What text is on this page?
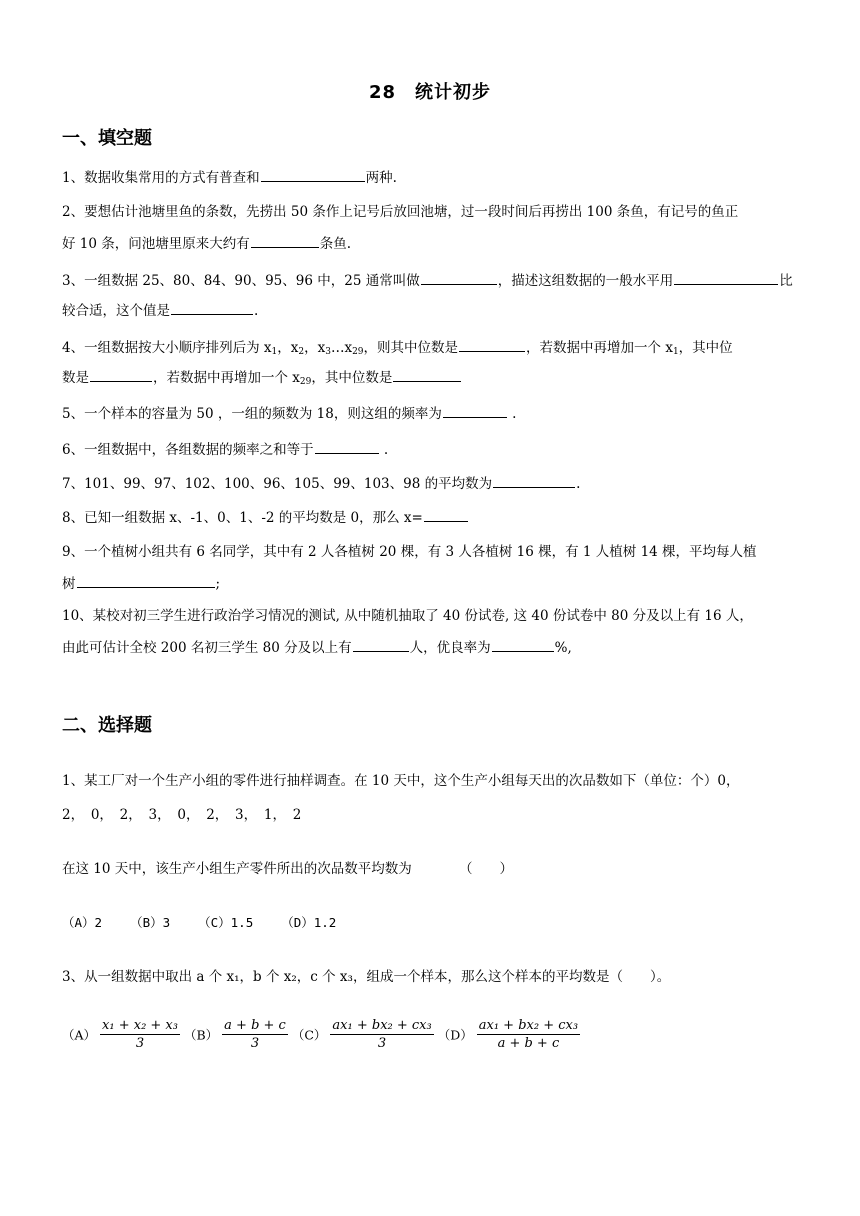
28　统计初步
一、填空题
1、数据收集常用的方式有普查和	两种.
2、要想估计池塘里鱼的条数，先捞出 50 条作上记号后放回池塘，过一段时间后再捞出 100 条鱼，有记号的鱼正
好 10 条，问池塘里原来大约有	条鱼.
3、一组数据 25、80、84、90、95、96 中，25 通常叫做	，描述这组数据的一般水平用	比
较合适，这个值是	.
4、一组数据按大小顺序排列后为 $x_1$，$x_2$，$x_3\dots x_{29}$，则其中位数是	，若数据中再增加一个 $x_1$，其中位
数是	，若数据中再增加一个 $x_{29}$，其中位数是
5、一个样本的容量为 50 ，一组的频数为 18，则这组的频率为	.
6、一组数据中，各组数据的频率之和等于	.
7、101、99、97、102、100、96、105、99、103、98 的平均数为	.
8、已知一组数据 x、-1、0、1、-2 的平均数是 0，那么 x=
9、一个植树小组共有 6 名同学，其中有 2 人各植树 20 棵，有 3 人各植树 16 棵，有 1 人植树 14 棵，平均每人植
树	;
10、某校对初三学生进行政治学习情况的测试, 从中随机抽取了 40 份试卷, 这 40 份试卷中 80 分及以上有 16 人，
由此可估计全校 200 名初三学生 80 分及以上有	人，优良率为	%,
二、选择题
1、某工厂对一个生产小组的零件进行抽样调查。在 10 天中，这个生产小组每天出的次品数如下（单位：个）0，
2，　0，　2，　3，　0，　2，　3，　1，　2
在这 10 天中，该生产小组生产零件所出的次品数平均数为　　　　（　　）
（A）2 （B）3 （C）1.5 （D）1.2
3、从一组数据中取出 a 个 x₁，b 个 x₂，c 个 x₃，组成一个样本，那么这个样本的平均数是（　　）。
$(A) \frac{\text{x₁ + x₂ + x₃}}{3} (B) \frac{a + b + c}{3} (C) \frac{\text{ax₁ + bx₂ + cx₃}}{3} (D) \frac{\text{ax₁ + bx₂ + cx₃}}{a + b + c}$
